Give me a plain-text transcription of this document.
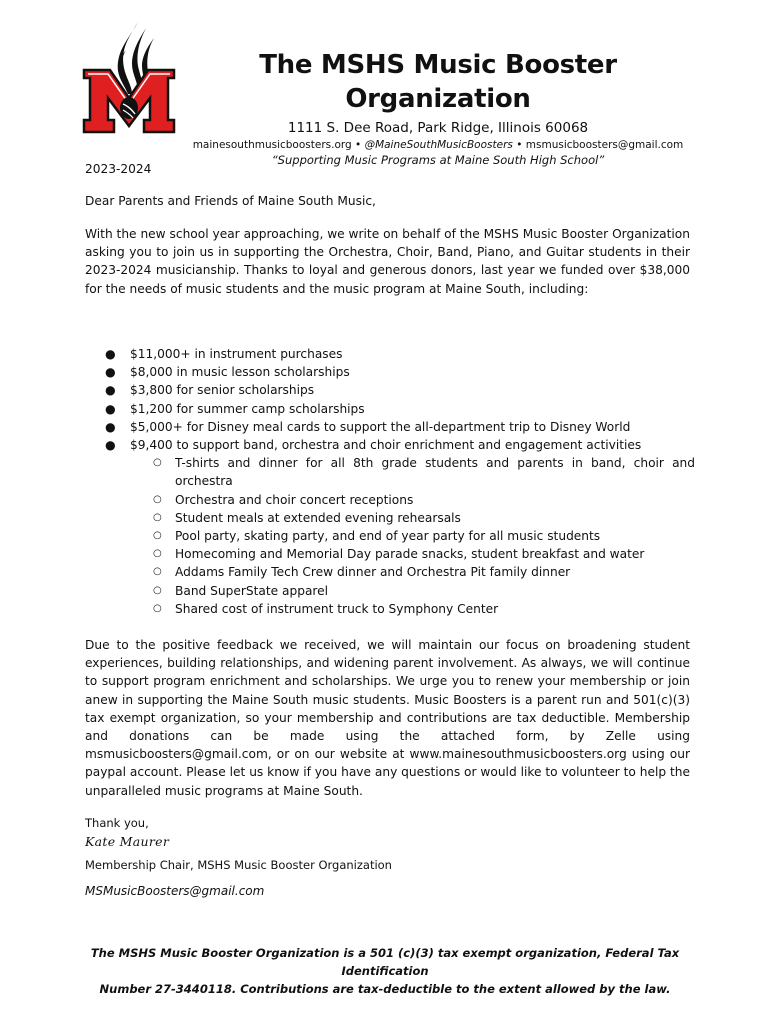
The MSHS Music Booster Organization
1111 S. Dee Road, Park Ridge, Illinois 60068
mainesouthmusicboosters.org • @MaineSouthMusicBoosters • msmusicboosters@gmail.com
“Supporting Music Programs at Maine South High School”
2023-2024
Dear Parents and Friends of Maine South Music,
With the new school year approaching, we write on behalf of the MSHS Music Booster Organization asking you to join us in supporting the Orchestra, Choir, Band, Piano, and Guitar students in their 2023-2024 musicianship. Thanks to loyal and generous donors, last year we funded over $38,000 for the needs of music students and the music program at Maine South, including:
● $11,000+ in instrument purchases
● $8,000 in music lesson scholarships
● $3,800 for senior scholarships
● $1,200 for summer camp scholarships
● $5,000+ for Disney meal cards to support the all-department trip to Disney World
● $9,400 to support band, orchestra and choir enrichment and engagement activities
○ T-shirts and dinner for all 8th grade students and parents in band, choir and orchestra
○ Orchestra and choir concert receptions
○ Student meals at extended evening rehearsals
○ Pool party, skating party, and end of year party for all music students
○ Homecoming and Memorial Day parade snacks, student breakfast and water
○ Addams Family Tech Crew dinner and Orchestra Pit family dinner
○ Band SuperState apparel
○ Shared cost of instrument truck to Symphony Center
Due to the positive feedback we received, we will maintain our focus on broadening student experiences, building relationships, and widening parent involvement. As always, we will continue to support program enrichment and scholarships. We urge you to renew your membership or join anew in supporting the Maine South music students. Music Boosters is a parent run and 501(c)(3) tax exempt organization, so your membership and contributions are tax deductible. Membership and donations can be made using the attached form, by Zelle using msmusicboosters@gmail.com, or on our website at www.mainesouthmusicboosters.org using our paypal account. Please let us know if you have any questions or would like to volunteer to help the unparalleled music programs at Maine South.
Thank you,
Kate Maurer
Membership Chair, MSHS Music Booster Organization
MSMusicBoosters@gmail.com
The MSHS Music Booster Organization is a 501 (c)(3) tax exempt organization, Federal Tax Identification
Number 27-3440118. Contributions are tax-deductible to the extent allowed by the law.
